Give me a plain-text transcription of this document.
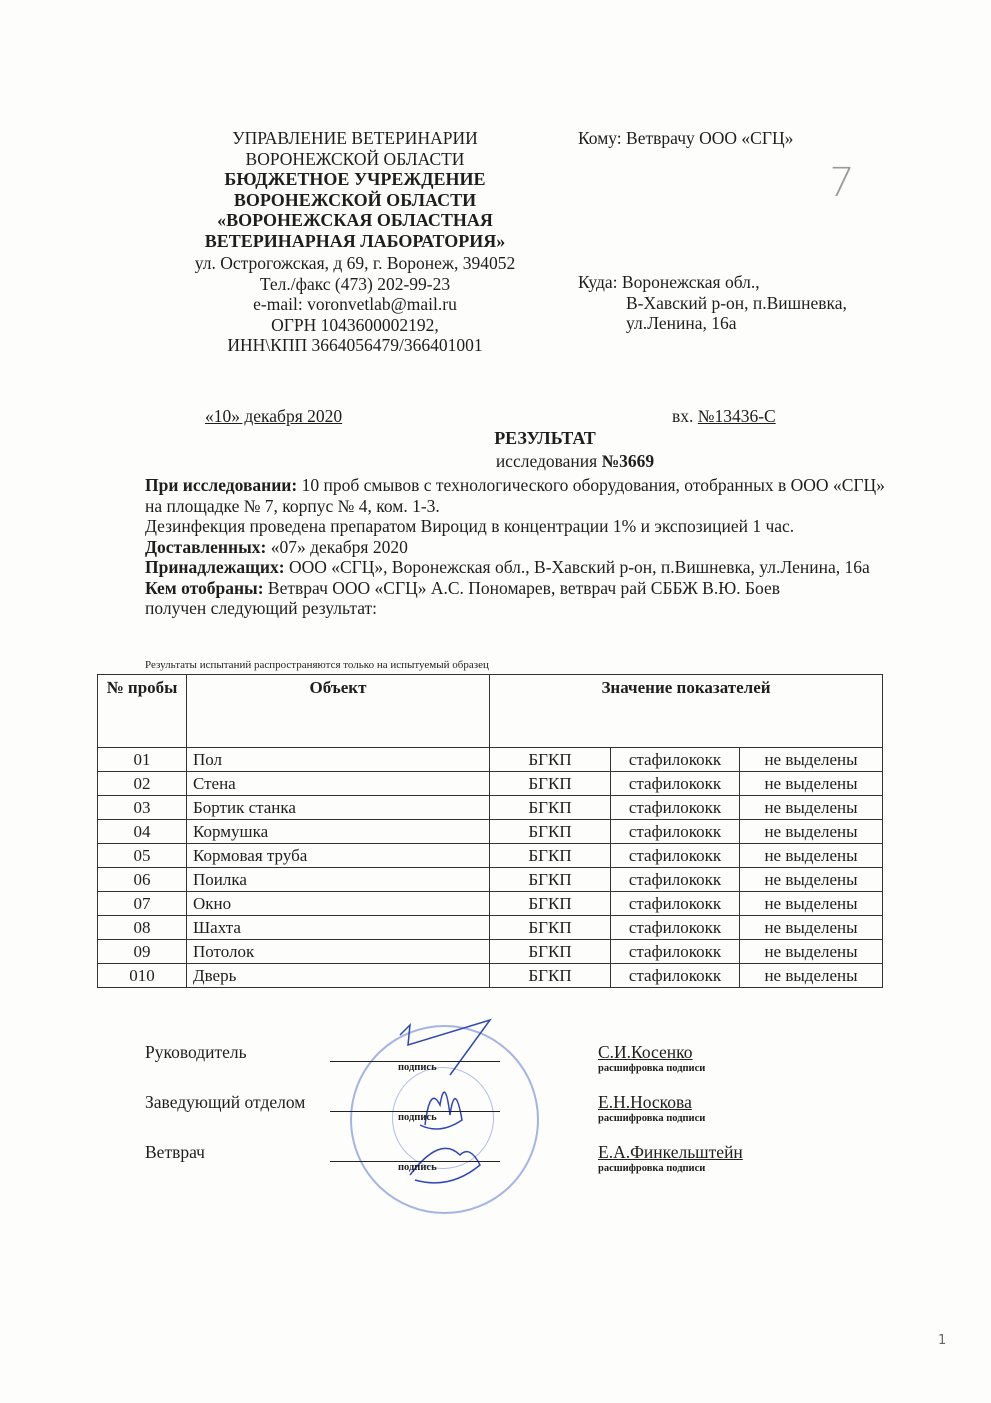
УПРАВЛЕНИЕ ВЕТЕРИНАРИИ
ВОРОНЕЖСКОЙ ОБЛАСТИ
БЮДЖЕТНОЕ УЧРЕЖДЕНИЕ
ВОРОНЕЖСКОЙ ОБЛАСТИ
«ВОРОНЕЖСКАЯ ОБЛАСТНАЯ
ВЕТЕРИНАРНАЯ ЛАБОРАТОРИЯ»
ул. Острогожская, д 69, г. Воронеж, 394052
Тел./факс (473) 202-99-23
e-mail: voronvetlab@mail.ru
ОГРН 1043600002192,
ИНН\КПП 3664056479/366401001
Кому: Ветврачу ООО «СГЦ»
7
Куда: Воронежская обл.,
В-Хавский р-он, п.Вишневка,
ул.Ленина, 16а
«10» декабря 2020	вх. №13436-С
РЕЗУЛЬТАТ
исследования №3669
При исследовании: 10 проб смывов с технологического оборудования, отобранных в ООО «СГЦ» на площадке № 7, корпус № 4, ком. 1-3.
Дезинфекция проведена препаратом Вироцид в концентрации 1% и экспозицией 1 час.
Доставленных: «07» декабря 2020
Принадлежащих: ООО «СГЦ», Воронежская обл., В-Хавский р-он, п.Вишневка, ул.Ленина, 16а
Кем отобраны: Ветврач ООО «СГЦ» А.С. Пономарев, ветврач рай СББЖ В.Ю. Боев
получен следующий результат:
Результаты испытаний распространяются только на испытуемый образец
№ пробы	Объект	Значение показателей		
01	Пол	БГКП	стафилококк	не выделены
02	Стена	БГКП	стафилококк	не выделены
03	Бортик станка	БГКП	стафилококк	не выделены
04	Кормушка	БГКП	стафилококк	не выделены
05	Кормовая труба	БГКП	стафилококк	не выделены
06	Поилка	БГКП	стафилококк	не выделены
07	Окно	БГКП	стафилококк	не выделены
08	Шахта	БГКП	стафилококк	не выделены
09	Потолок	БГКП	стафилококк	не выделены
010	Дверь	БГКП	стафилококк	не выделены
Руководитель
подпись
С.И.Косенко
расшифровка подписи
Заведующий отделом
подпись
Е.Н.Носкова
расшифровка подписи
Ветврач
подпись
Е.А.Финкельштейн
расшифровка подписи
1
